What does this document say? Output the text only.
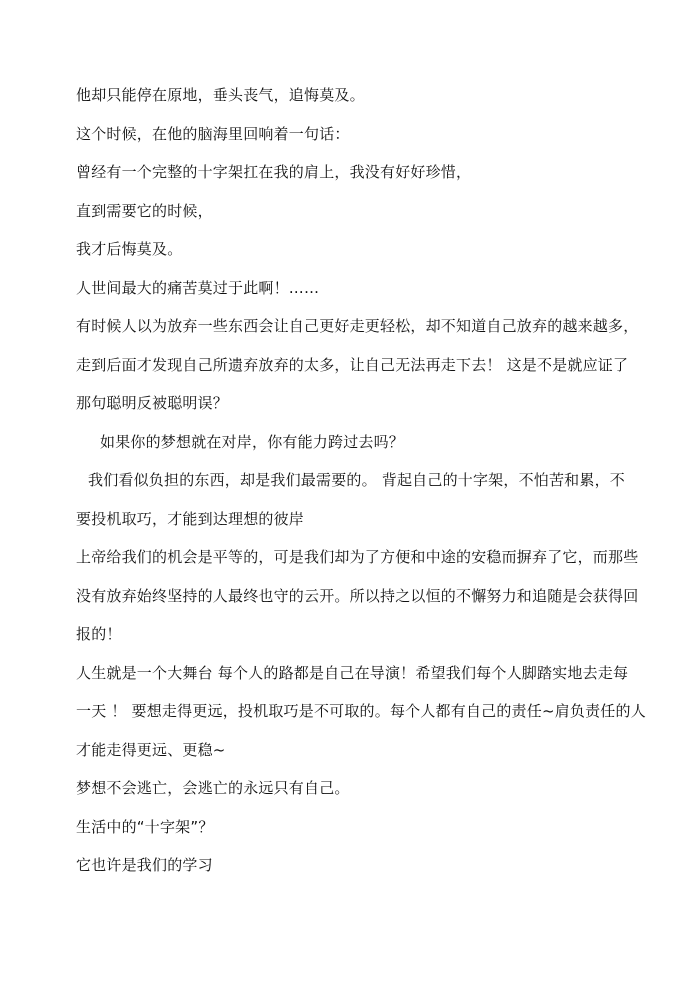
他却只能停在原地，垂头丧气，追悔莫及。
这个时候，在他的脑海里回响着一句话：
曾经有一个完整的十字架扛在我的肩上，我没有好好珍惜，
直到需要它的时候，
我才后悔莫及。
人世间最大的痛苦莫过于此啊！……
有时候人以为放弃一些东西会让自己更好走更轻松，却不知道自己放弃的越来越多，
走到后面才发现自己所遗弃放弃的太多，让自己无法再走下去！ 这是不是就应证了
那句聪明反被聪明误？
如果你的梦想就在对岸，你有能力跨过去吗？
我们看似负担的东西，却是我们最需要的。 背起自己的十字架，不怕苦和累，不
要投机取巧，才能到达理想的彼岸
上帝给我们的机会是平等的，可是我们却为了方便和中途的安稳而摒弃了它，而那些
没有放弃始终坚持的人最终也守的云开。所以持之以恒的不懈努力和追随是会获得回
报的！
人生就是一个大舞台 每个人的路都是自己在导演！希望我们每个人脚踏实地去走每
一天 ！ 要想走得更远，投机取巧是不可取的。每个人都有自己的责任~肩负责任的人
才能走得更远、更稳~
梦想不会逃亡，会逃亡的永远只有自己。
生活中的“十字架”？
它也许是我们的学习
